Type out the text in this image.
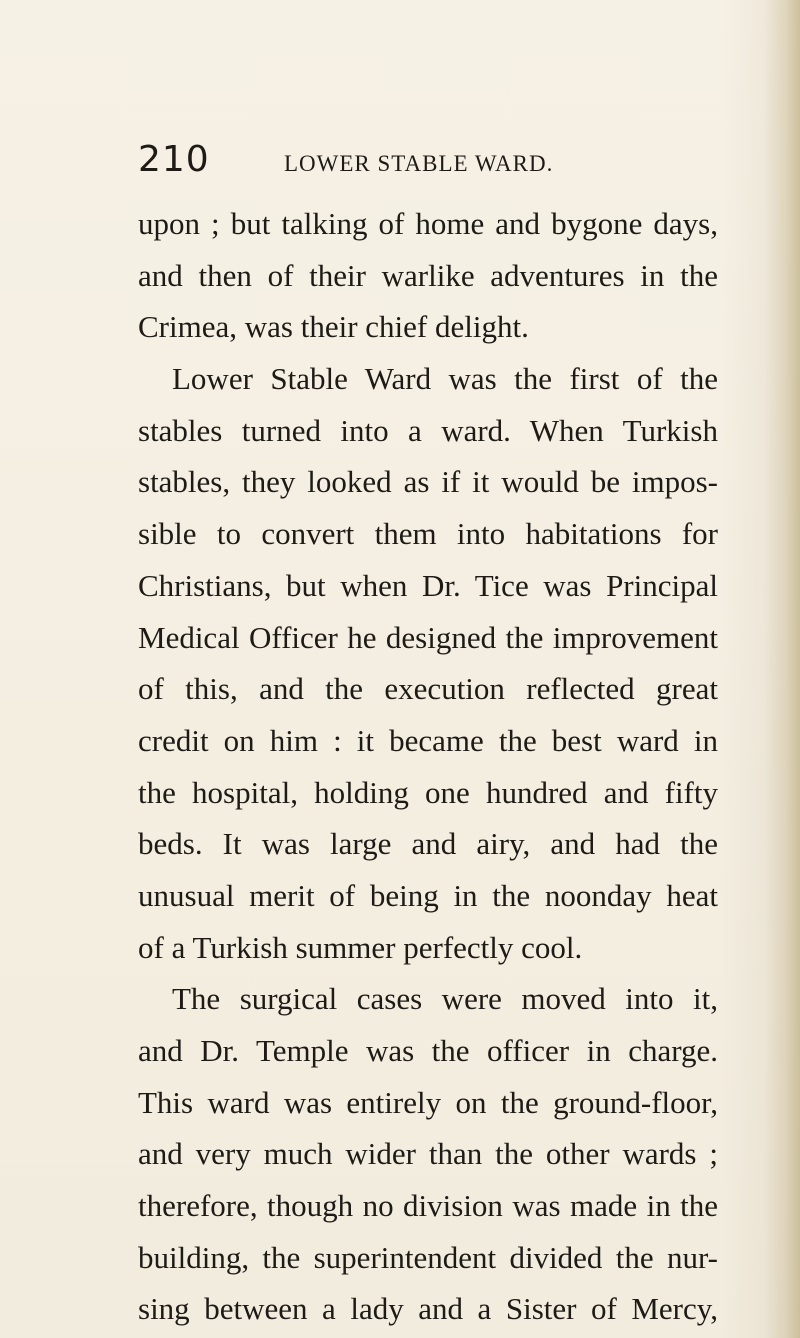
210	LOWER STABLE WARD.
upon ; but talking of home and bygone days,
and then of their warlike adventures in the
Crimea, was their chief delight.
Lower Stable Ward was the first of the
stables turned into a ward. When Turkish
stables, they looked as if it would be impos-
sible to convert them into habitations for
Christians, but when Dr. Tice was Principal
Medical Officer he designed the improvement
of this, and the execution reflected great
credit on him : it became the best ward in
the hospital, holding one hundred and fifty
beds. It was large and airy, and had the
unusual merit of being in the noonday heat
of a Turkish summer perfectly cool.
The surgical cases were moved into it,
and Dr. Temple was the officer in charge.
This ward was entirely on the ground-floor,
and very much wider than the other wards ;
therefore, though no division was made in the
building, the superintendent divided the nur-
sing between a lady and a Sister of Mercy,
